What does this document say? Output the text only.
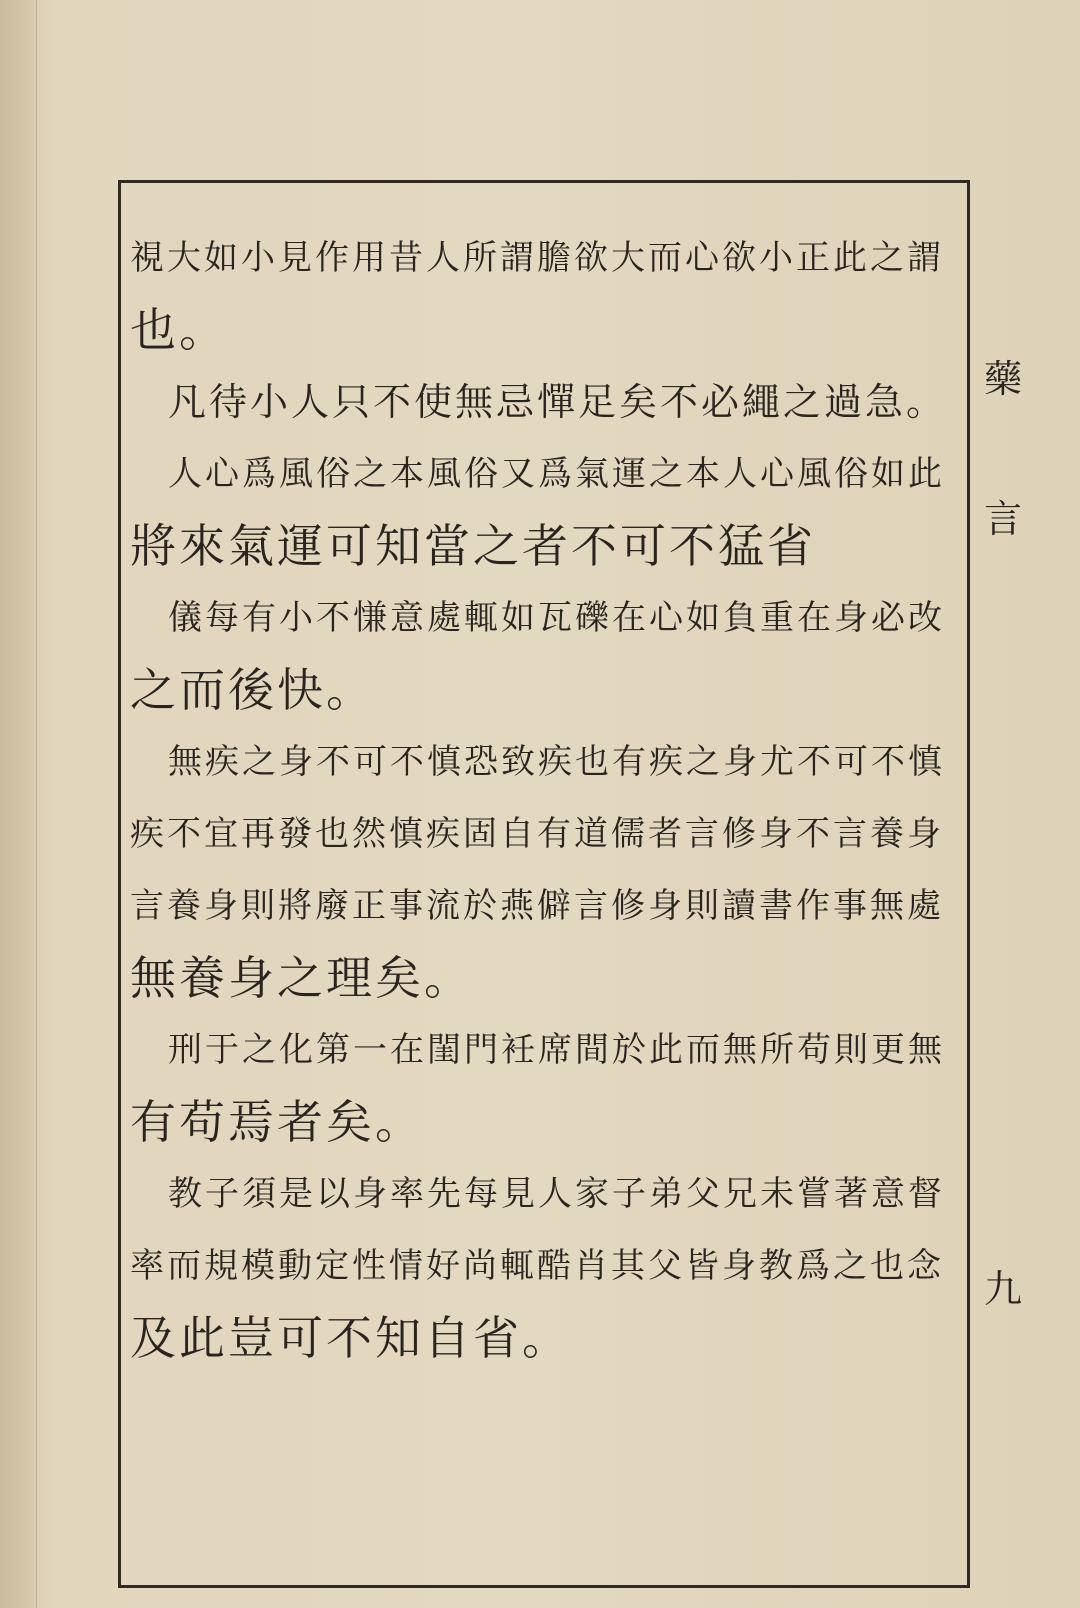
視大如小見作用昔人所謂膽欲大而心欲小正此之謂
也。
凡待小人只不使無忌憚足矣不必繩之過急。
人心爲風俗之本風俗又爲氣運之本人心風俗如此
將來氣運可知當之者不可不猛省
儀每有小不慊意處輒如瓦礫在心如負重在身必改
之而後快。
無疾之身不可不慎恐致疾也有疾之身尤不可不慎
疾不宜再發也然慎疾固自有道儒者言修身不言養身
言養身則將廢正事流於燕僻言修身則讀書作事無處
無養身之理矣。
刑于之化第一在閨門衽席間於此而無所苟則更無
有苟焉者矣。
教子須是以身率先每見人家子弟父兄未嘗著意督
率而規模動定性情好尚輒酷肖其父皆身教爲之也念
及此豈可不知自省。
藥
言
九
